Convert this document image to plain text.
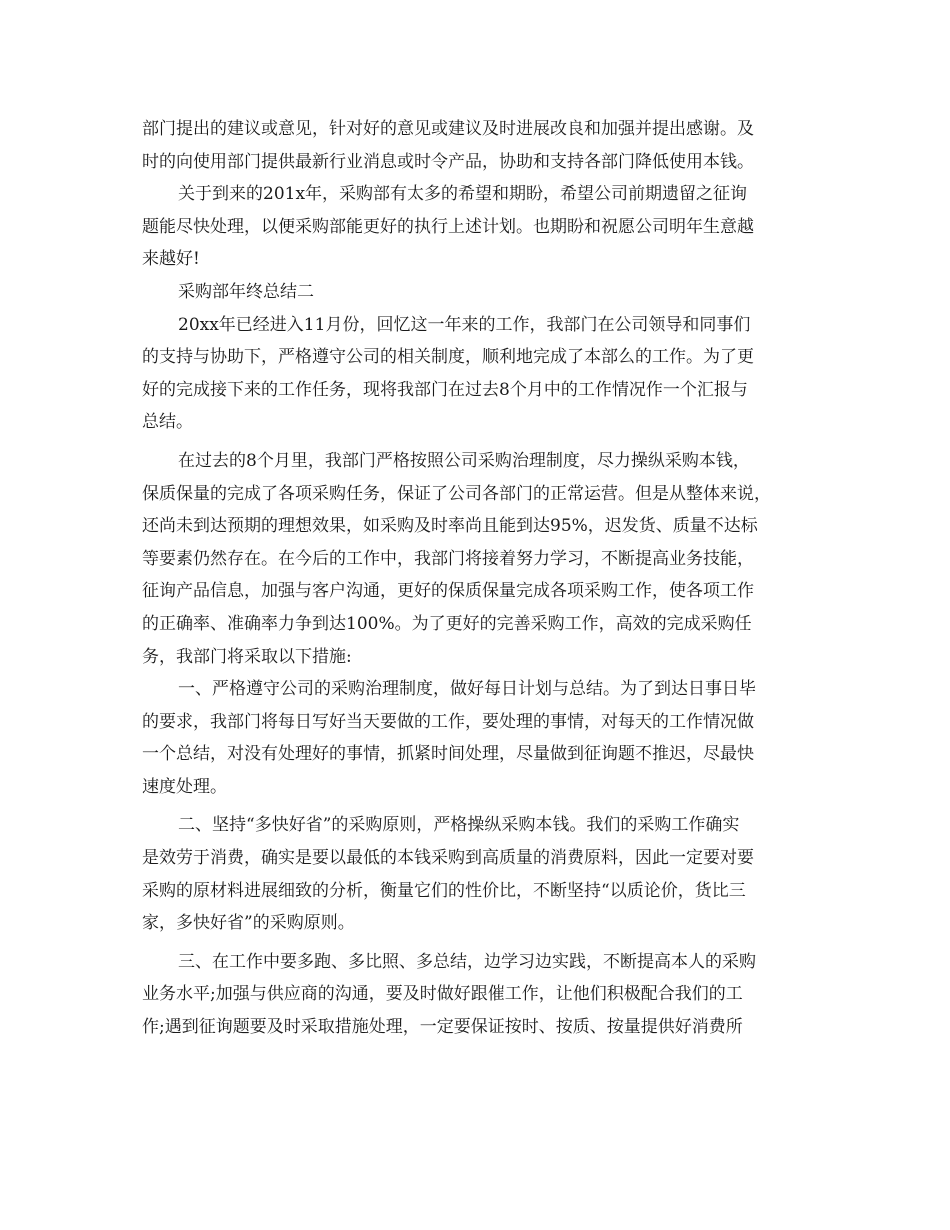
部门提出的建议或意见，针对好的意见或建议及时进展改良和加强并提出感谢。及
时的向使用部门提供最新行业消息或时令产品，协助和支持各部门降低使用本钱。
关于到来的201x年，采购部有太多的希望和期盼，希望公司前期遗留之征询
题能尽快处理，以便采购部能更好的执行上述计划。也期盼和祝愿公司明年生意越
来越好!
采购部年终总结二
20xx年已经进入11月份，回忆这一年来的工作，我部门在公司领导和同事们
的支持与协助下，严格遵守公司的相关制度，顺利地完成了本部么的工作。为了更
好的完成接下来的工作任务，现将我部门在过去8个月中的工作情况作一个汇报与
总结。
在过去的8个月里，我部门严格按照公司采购治理制度，尽力操纵采购本钱，
保质保量的完成了各项采购任务，保证了公司各部门的正常运营。但是从整体来说，
还尚未到达预期的理想效果，如采购及时率尚且能到达95%，迟发货、质量不达标
等要素仍然存在。在今后的工作中，我部门将接着努力学习，不断提高业务技能，
征询产品信息，加强与客户沟通，更好的保质保量完成各项采购工作，使各项工作
的正确率、准确率力争到达100%。为了更好的完善采购工作，高效的完成采购任
务，我部门将采取以下措施:
一、严格遵守公司的采购治理制度，做好每日计划与总结。为了到达日事日毕
的要求，我部门将每日写好当天要做的工作，要处理的事情，对每天的工作情况做
一个总结，对没有处理好的事情，抓紧时间处理，尽量做到征询题不推迟，尽最快
速度处理。
二、坚持“多快好省”的采购原则，严格操纵采购本钱。我们的采购工作确实
是效劳于消费，确实是要以最低的本钱采购到高质量的消费原料，因此一定要对要
采购的原材料进展细致的分析，衡量它们的性价比，不断坚持“以质论价，货比三
家，多快好省”的采购原则。
三、在工作中要多跑、多比照、多总结，边学习边实践，不断提高本人的采购
业务水平;加强与供应商的沟通，要及时做好跟催工作，让他们积极配合我们的工
作;遇到征询题要及时采取措施处理，一定要保证按时、按质、按量提供好消费所
